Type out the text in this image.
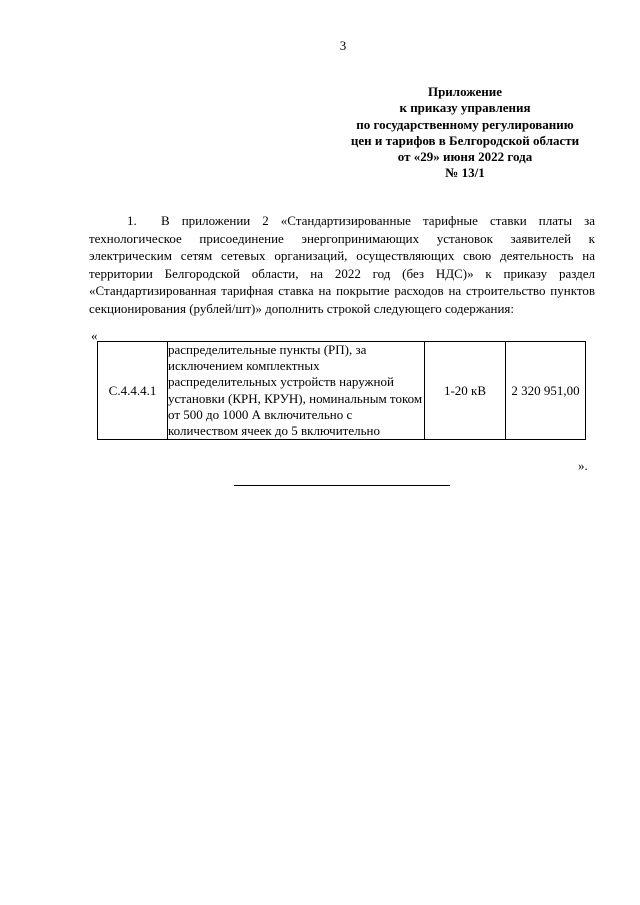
3
Приложение
к приказу управления
по государственному регулированию
цен и тарифов в Белгородской области
от «29» июня 2022 года
№ 13/1
1. В приложении 2 «Стандартизированные тарифные ставки платы за технологическое присоединение энергопринимающих установок заявителей к электрическим сетям сетевых организаций, осуществляющих свою деятельность на территории Белгородской области, на 2022 год (без НДС)» к приказу раздел «Стандартизированная тарифная ставка на покрытие расходов на строительство пунктов секционирования (рублей/шт)» дополнить строкой следующего содержания:
«
С.4.4.4.1	распределительные пункты (РП), за исключением комплектных распределительных устройств наружной установки (КРН, КРУН), номинальным током от 500 до 1000 А включительно с количеством ячеек до 5 включительно	1-20 кВ	2 320 951,00
».
